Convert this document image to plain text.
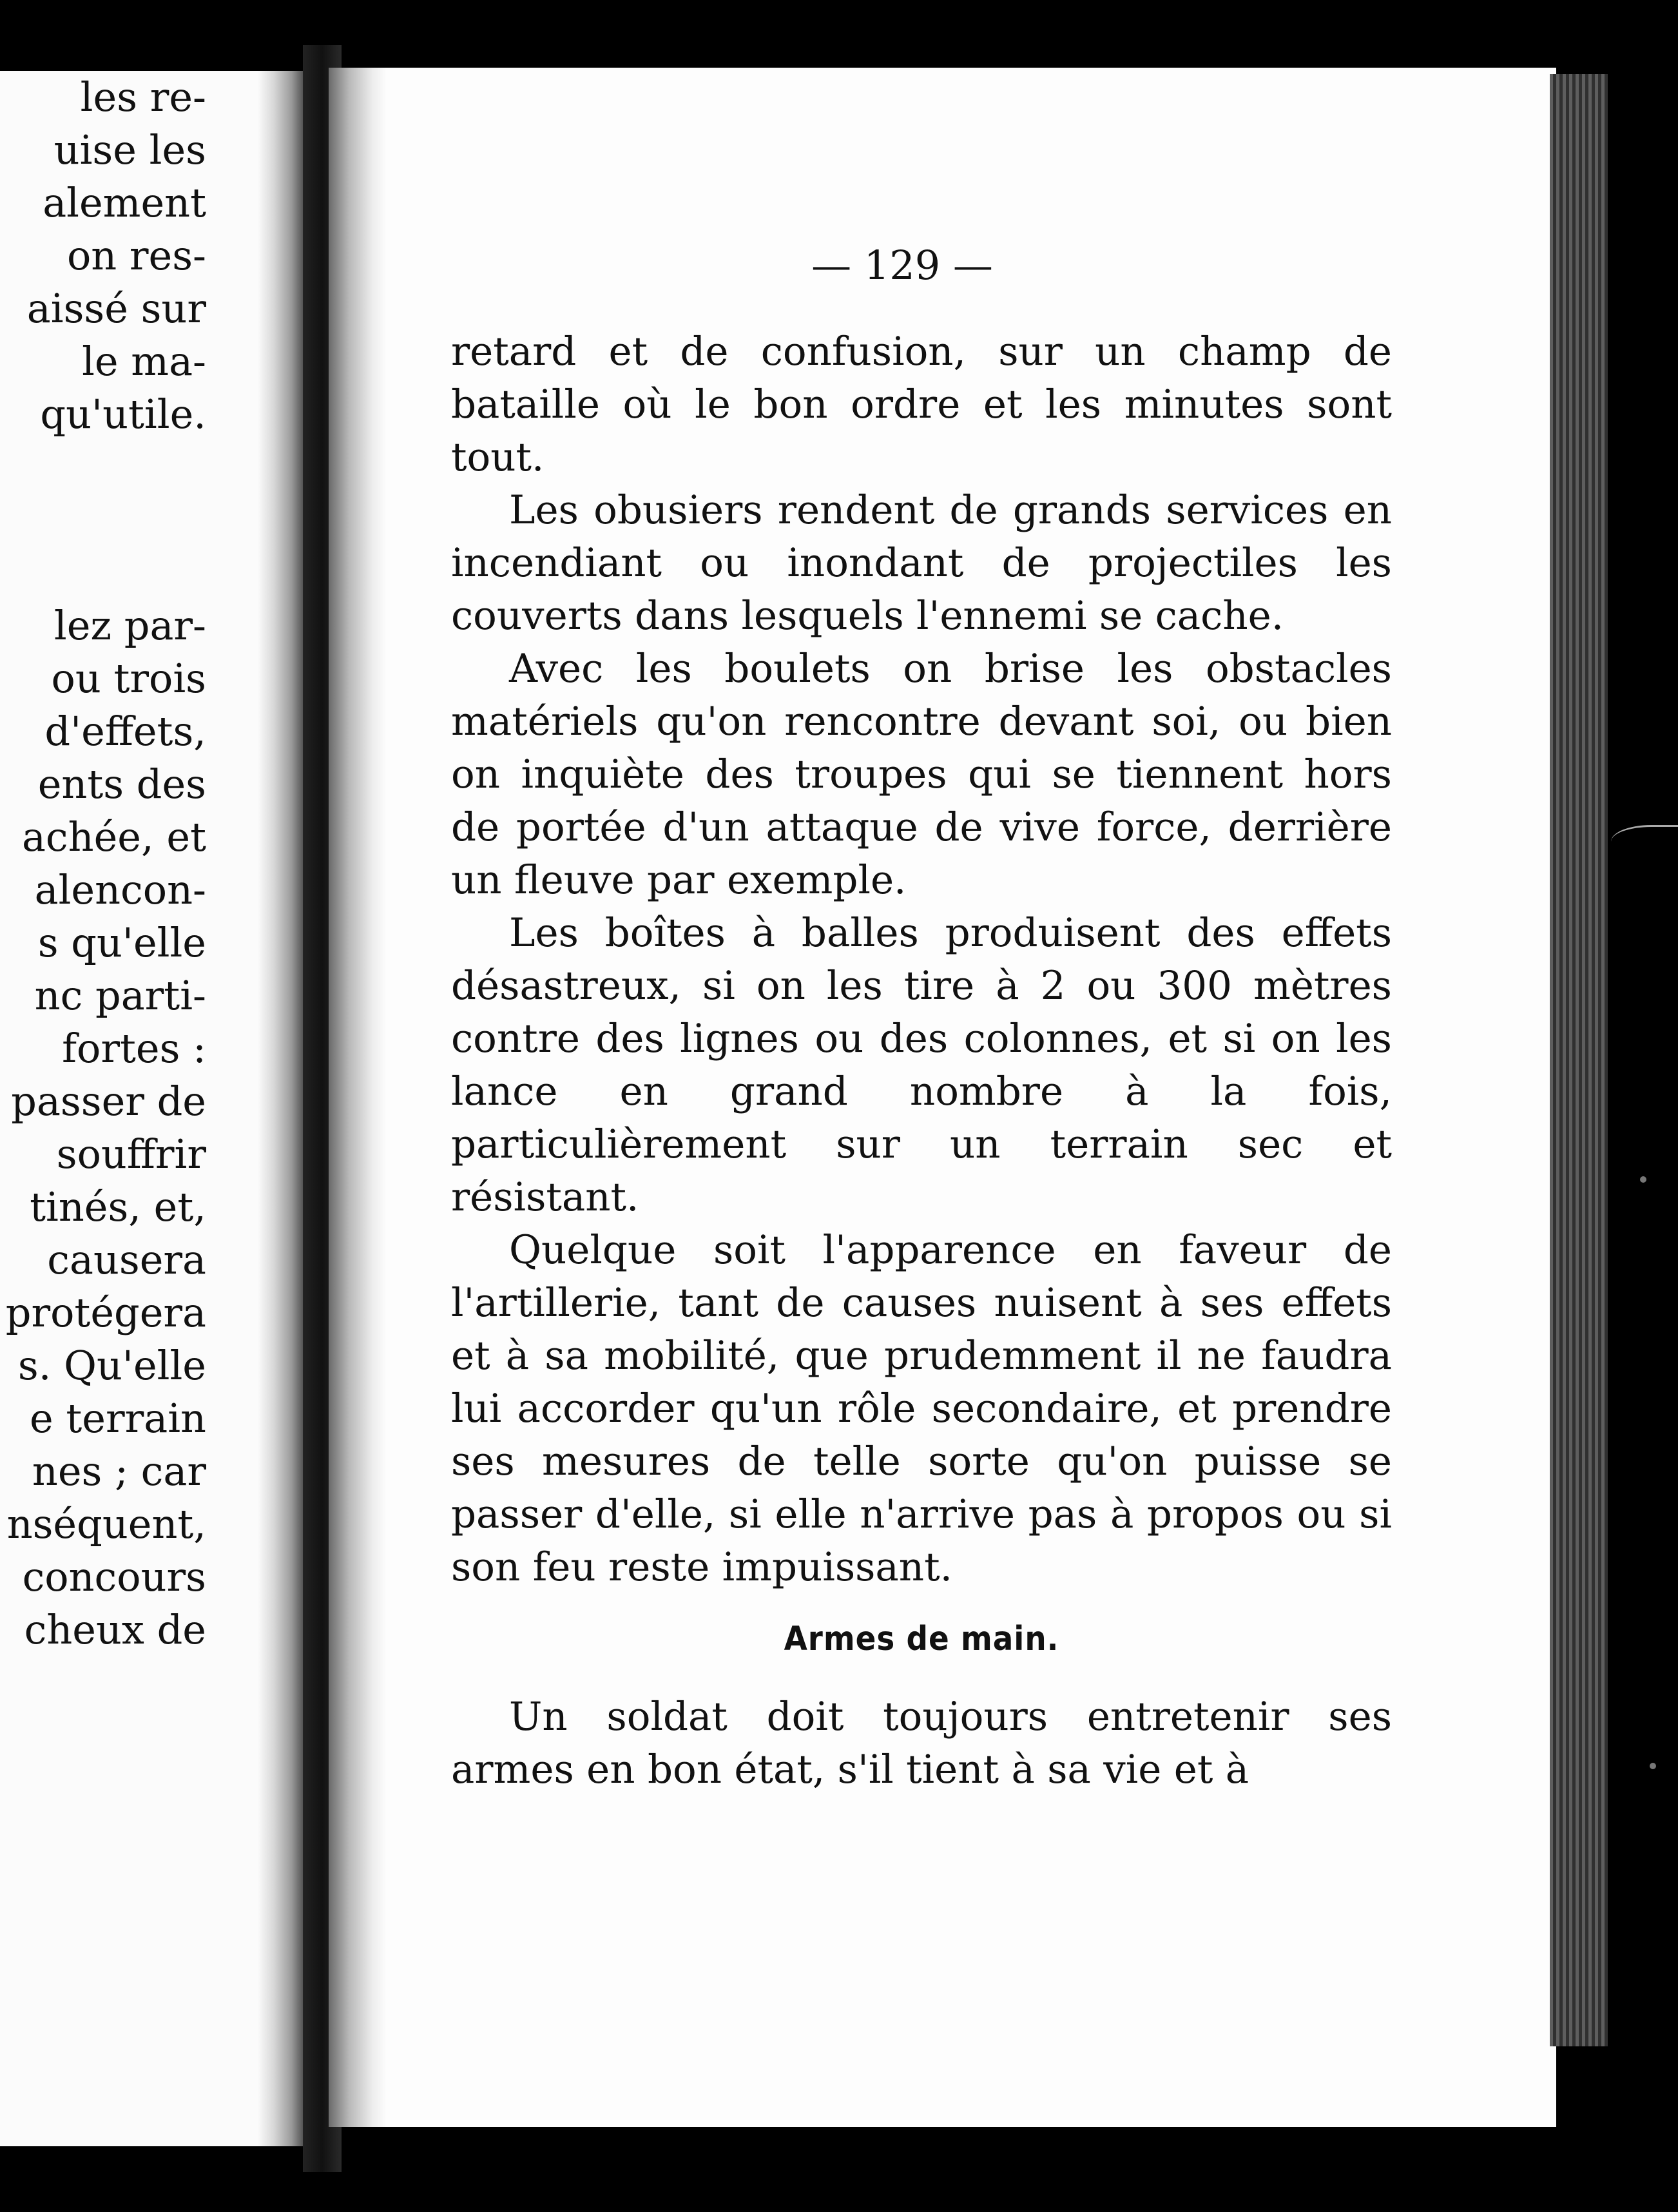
les re-
uise les
alement
on res-
aissé sur
le ma-
qu'utile.
lez par-
ou trois
d'effets,
ents des
achée, et
alencon-
s qu'elle
nc parti-
fortes :
passer de
souffrir
tinés, et,
causera
protégera
s. Qu'elle
e terrain
nes ; car
nséquent,
concours
cheux de
— 129 —

retard et de confusion, sur un champ de bataille où le bon ordre et les minutes sont tout.

Les obusiers rendent de grands services en incendiant ou inondant de projectiles les couverts dans lesquels l'ennemi se cache.

Avec les boulets on brise les obstacles matériels qu'on rencontre devant soi, ou bien on inquiète des troupes qui se tiennent hors de portée d'un attaque de vive force, derrière un fleuve par exemple.

Les boîtes à balles produisent des effets désastreux, si on les tire à 2 ou 300 mètres contre des lignes ou des colonnes, et si on les lance en grand nombre à la fois, particulièrement sur un terrain sec et résistant.

Quelque soit l'apparence en faveur de l'artillerie, tant de causes nuisent à ses effets et à sa mobilité, que prudemment il ne faudra lui accorder qu'un rôle secondaire, et prendre ses mesures de telle sorte qu'on puisse se passer d'elle, si elle n'arrive pas à propos ou si son feu reste impuissant.

Armes de main.

Un soldat doit toujours entretenir ses armes en bon état, s'il tient à sa vie et à
